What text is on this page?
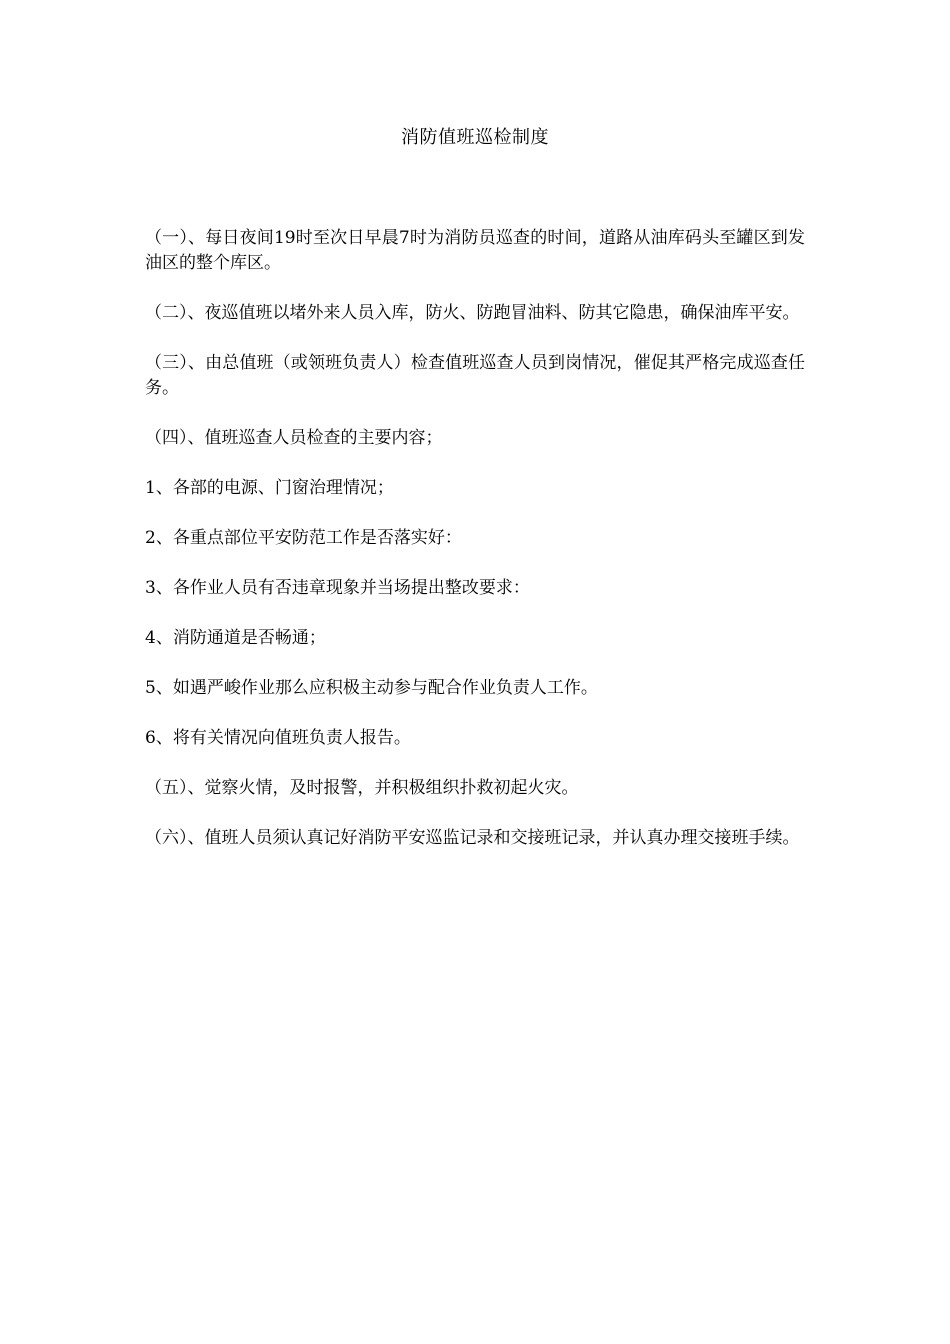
消防值班巡检制度

（一）、每日夜间19时至次日早晨7时为消防员巡查的时间，道路从油库码头至罐区到发油区的整个库区。

（二）、夜巡值班以堵外来人员入库，防火、防跑冒油料、防其它隐患，确保油库平安。

（三）、由总值班（或领班负责人）检查值班巡查人员到岗情况，催促其严格完成巡查任务。

（四）、值班巡查人员检查的主要内容；

1、各部的电源、门窗治理情况；

2、各重点部位平安防范工作是否落实好：

3、各作业人员有否违章现象并当场提出整改要求：

4、消防通道是否畅通；

5、如遇严峻作业那么应积极主动参与配合作业负责人工作。

6、将有关情况向值班负责人报告。

（五）、觉察火情，及时报警，并积极组织扑救初起火灾。

（六）、值班人员须认真记好消防平安巡监记录和交接班记录，并认真办理交接班手续。
